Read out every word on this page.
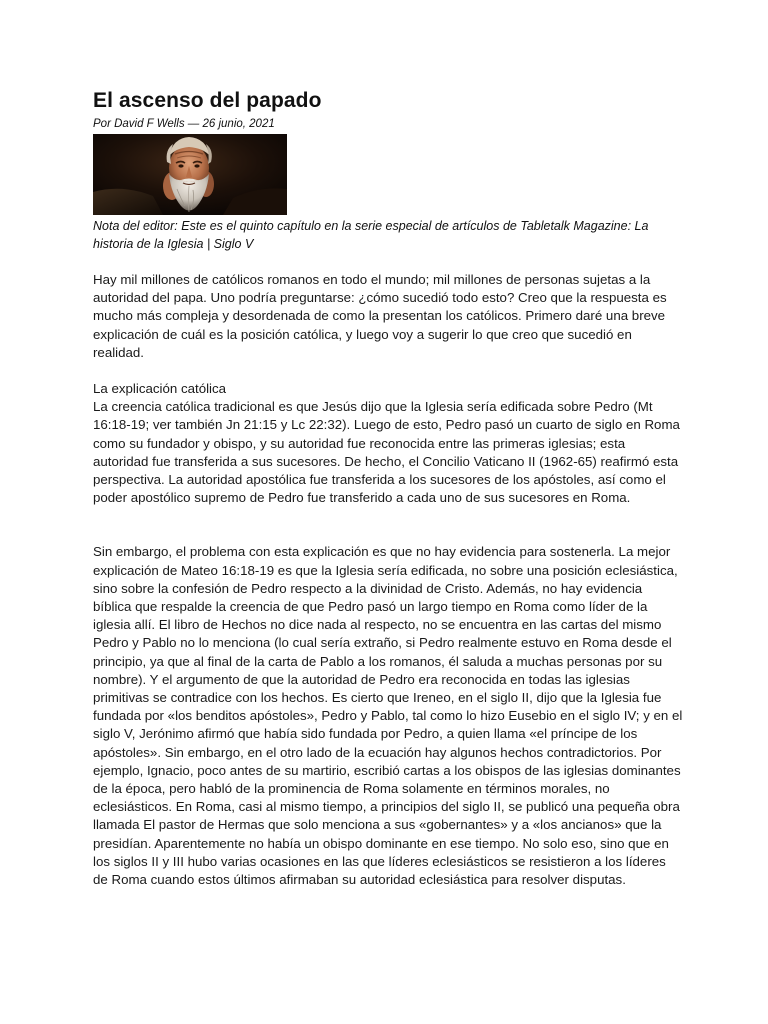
El ascenso del papado
Por David F Wells — 26 junio, 2021
Nota del editor: Este es el quinto capítulo en la serie especial de artículos de Tabletalk Magazine: La historia de la Iglesia | Siglo V

Hay mil millones de católicos romanos en todo el mundo; mil millones de personas sujetas a la autoridad del papa. Uno podría preguntarse: ¿cómo sucedió todo esto? Creo que la respuesta es mucho más compleja y desordenada de como la presentan los católicos. Primero daré una breve explicación de cuál es la posición católica, y luego voy a sugerir lo que creo que sucedió en realidad.

La explicación católica

La creencia católica tradicional es que Jesús dijo que la Iglesia sería edificada sobre Pedro (Mt 16:18-19; ver también Jn 21:15 y Lc 22:32). Luego de esto, Pedro pasó un cuarto de siglo en Roma como su fundador y obispo, y su autoridad fue reconocida entre las primeras iglesias; esta autoridad fue transferida a sus sucesores. De hecho, el Concilio Vaticano II (1962-65) reafirmó esta perspectiva. La autoridad apostólica fue transferida a los sucesores de los apóstoles, así como el poder apostólico supremo de Pedro fue transferido a cada uno de sus sucesores en Roma.

Sin embargo, el problema con esta explicación es que no hay evidencia para sostenerla. La mejor explicación de Mateo 16:18-19 es que la Iglesia sería edificada, no sobre una posición eclesiástica, sino sobre la confesión de Pedro respecto a la divinidad de Cristo. Además, no hay evidencia bíblica que respalde la creencia de que Pedro pasó un largo tiempo en Roma como líder de la iglesia allí. El libro de Hechos no dice nada al respecto, no se encuentra en las cartas del mismo Pedro y Pablo no lo menciona (lo cual sería extraño, si Pedro realmente estuvo en Roma desde el principio, ya que al final de la carta de Pablo a los romanos, él saluda a muchas personas por su nombre). Y el argumento de que la autoridad de Pedro era reconocida en todas las iglesias primitivas se contradice con los hechos. Es cierto que Ireneo, en el siglo II, dijo que la Iglesia fue fundada por «los benditos apóstoles», Pedro y Pablo, tal como lo hizo Eusebio en el siglo IV; y en el siglo V, Jerónimo afirmó que había sido fundada por Pedro, a quien llama «el príncipe de los apóstoles». Sin embargo, en el otro lado de la ecuación hay algunos hechos contradictorios. Por ejemplo, Ignacio, poco antes de su martirio, escribió cartas a los obispos de las iglesias dominantes de la época, pero habló de la prominencia de Roma solamente en términos morales, no eclesiásticos. En Roma, casi al mismo tiempo, a principios del siglo II, se publicó una pequeña obra llamada El pastor de Hermas que solo menciona a sus «gobernantes» y a «los ancianos» que la presidían. Aparentemente no había un obispo dominante en ese tiempo. No solo eso, sino que en los siglos II y III hubo varias ocasiones en las que líderes eclesiásticos se resistieron a los líderes de Roma cuando estos últimos afirmaban su autoridad eclesiástica para resolver disputas.
